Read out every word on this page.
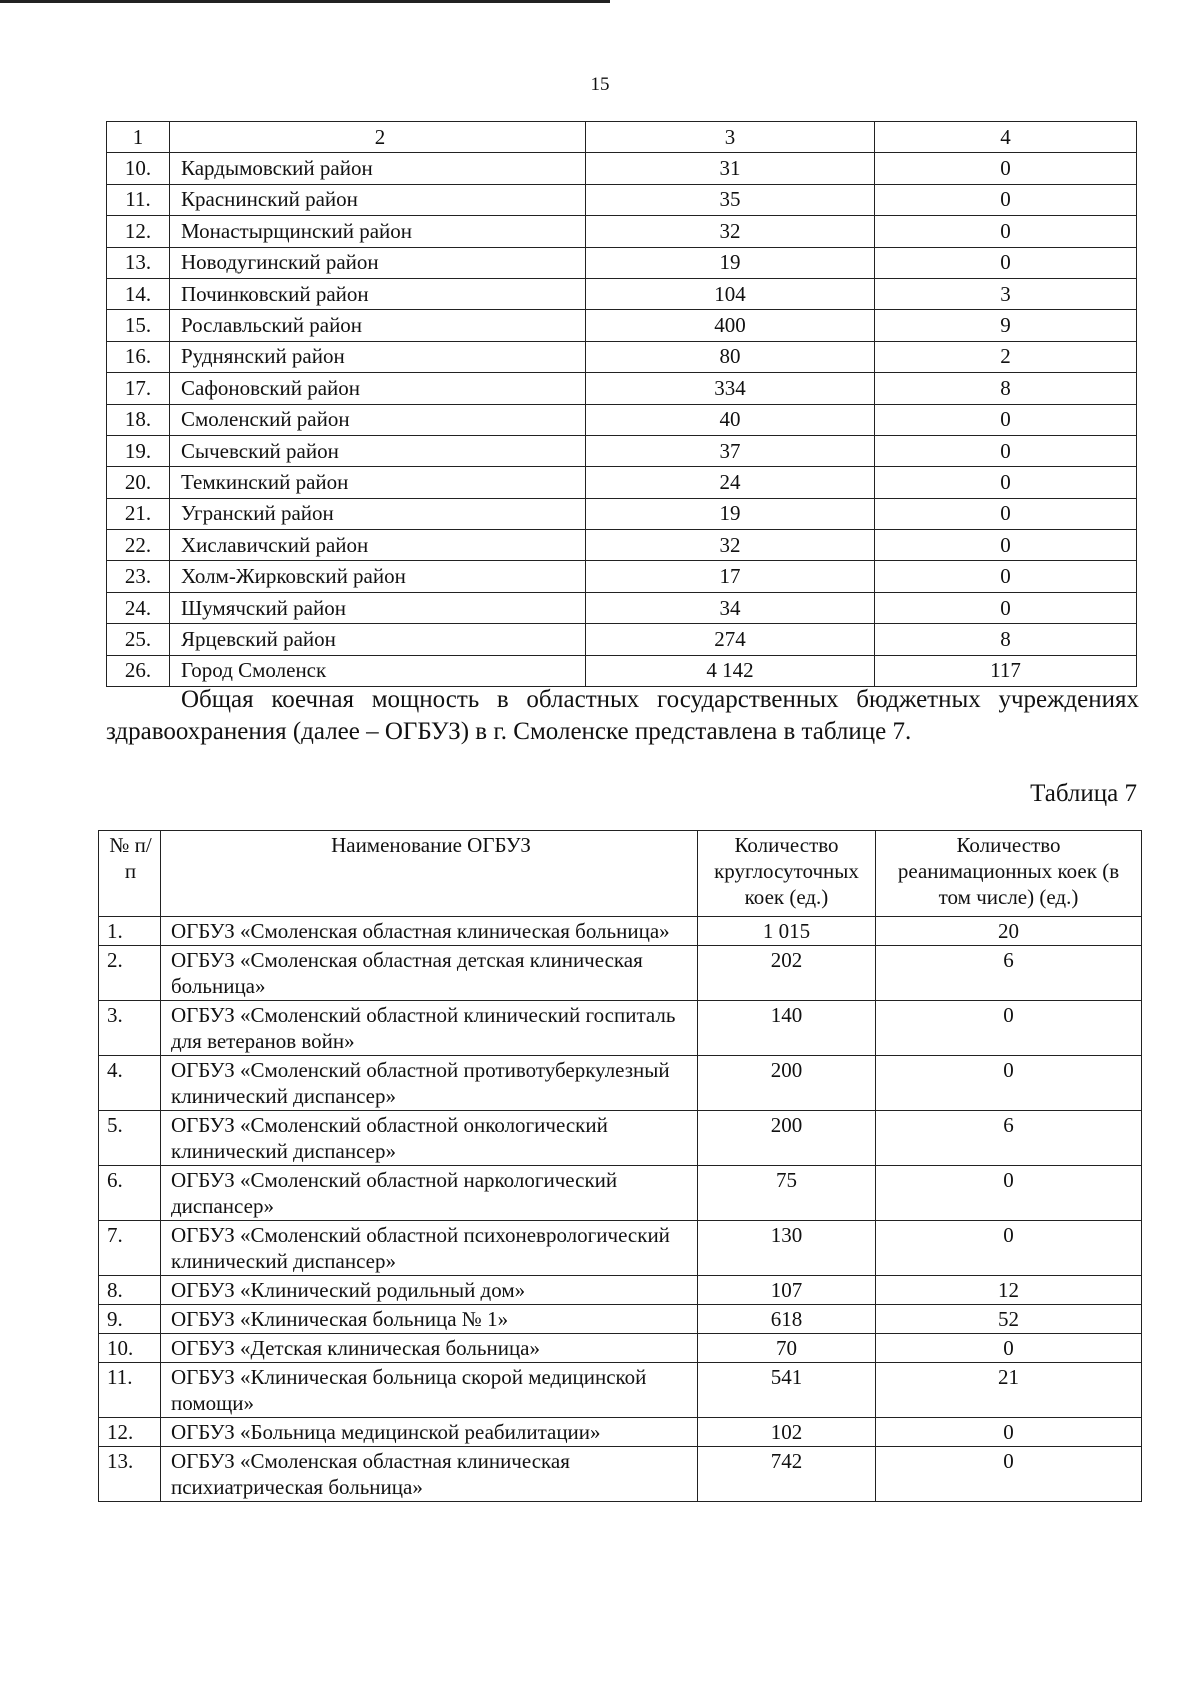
15
1	2	3	4
10.	Кардымовский район	31	0
11.	Краснинский район	35	0
12.	Монастырщинский район	32	0
13.	Новодугинский район	19	0
14.	Починковский район	104	3
15.	Рославльский район	400	9
16.	Руднянский район	80	2
17.	Сафоновский район	334	8
18.	Смоленский район	40	0
19.	Сычевский район	37	0
20.	Темкинский район	24	0
21.	Угранский район	19	0
22.	Хиславичский район	32	0
23.	Холм-Жирковский район	17	0
24.	Шумячский район	34	0
25.	Ярцевский район	274	8
26.	Город Смоленск	4 142	117

Общая коечная мощность в областных государственных бюджетных учреждениях здравоохранения (далее – ОГБУЗ) в г. Смоленске представлена в таблице 7.

Таблица 7
№ п/п	Наименование ОГБУЗ	Количество круглосуточных коек (ед.)	Количество реанимационных коек (в том числе) (ед.)
1.	ОГБУЗ «Смоленская областная клиническая больница»	1 015	20
2.	ОГБУЗ «Смоленская областная детская клиническая больница»	202	6
3.	ОГБУЗ «Смоленский областной клинический госпиталь для ветеранов войн»	140	0
4.	ОГБУЗ «Смоленский областной противотуберкулезный клинический диспансер»	200	0
5.	ОГБУЗ «Смоленский областной онкологический клинический диспансер»	200	6
6.	ОГБУЗ «Смоленский областной наркологический диспансер»	75	0
7.	ОГБУЗ «Смоленский областной психоневрологический клинический диспансер»	130	0
8.	ОГБУЗ «Клинический родильный дом»	107	12
9.	ОГБУЗ «Клиническая больница № 1»	618	52
10.	ОГБУЗ «Детская клиническая больница»	70	0
11.	ОГБУЗ «Клиническая больница скорой медицинской помощи»	541	21
12.	ОГБУЗ «Больница медицинской реабилитации»	102	0
13.	ОГБУЗ «Смоленская областная клиническая психиатрическая больница»	742	0
